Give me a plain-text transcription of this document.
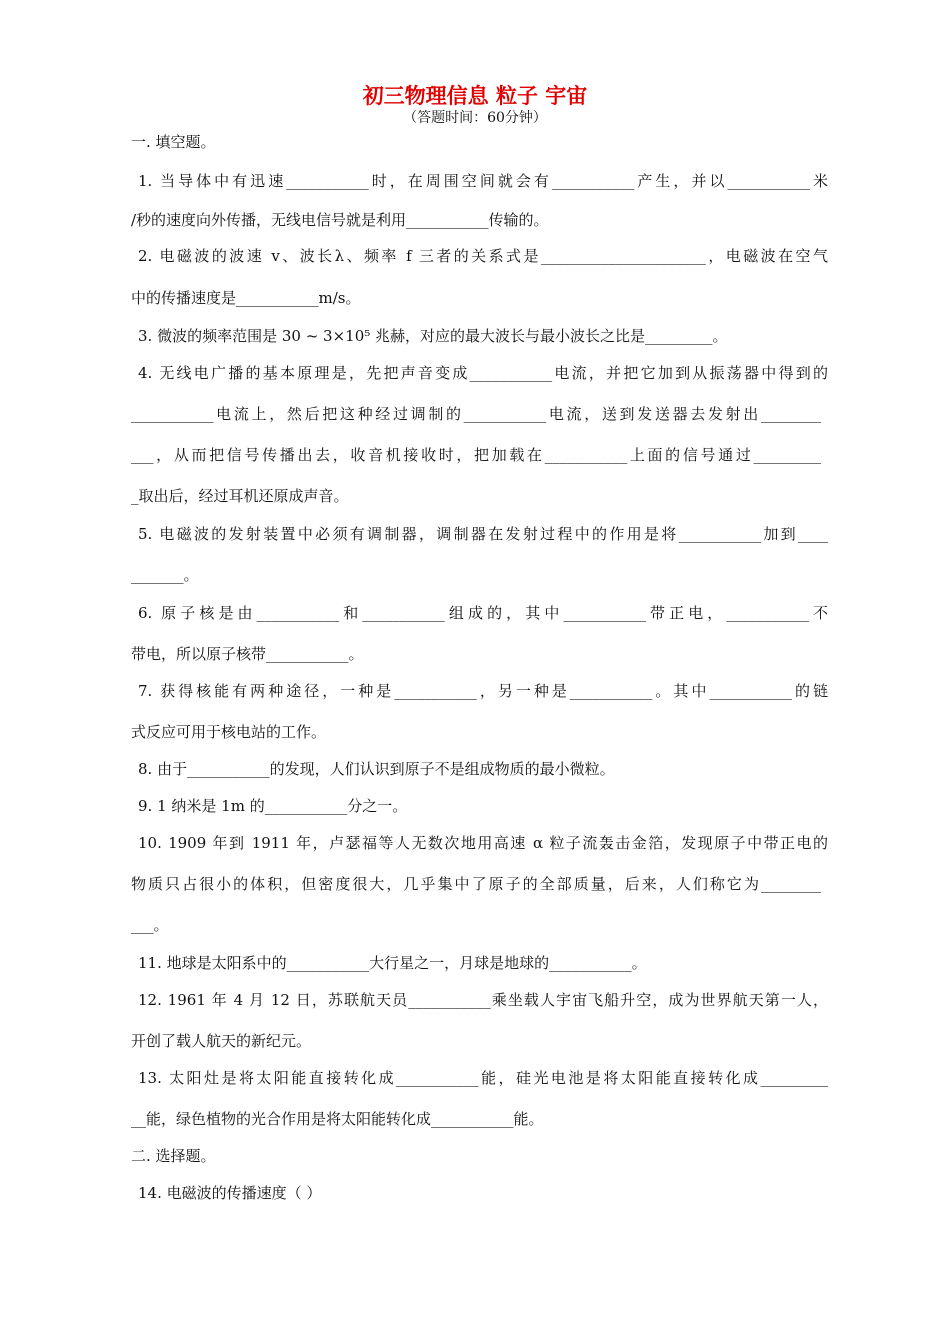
初三物理信息 粒子 宇宙
（答题时间：60分钟）
一. 填空题。
1. 当导体中有迅速___________时，在周围空间就会有___________产生，并以___________米
/秒的速度向外传播，无线电信号就是利用___________传输的。
2. 电磁波的波速 v、波长λ、频率 f 三者的关系式是______________________，电磁波在空气
中的传播速度是___________m/s。
3. 微波的频率范围是 30 ~ 3×10⁵ 兆赫，对应的最大波长与最小波长之比是_________。
4. 无线电广播的基本原理是，先把声音变成___________电流，并把它加到从振荡器中得到的
___________电流上，然后把这种经过调制的___________电流，送到发送器去发射出________
___，从而把信号传播出去，收音机接收时，把加载在___________上面的信号通过_________
_取出后，经过耳机还原成声音。
5. 电磁波的发射装置中必须有调制器，调制器在发射过程中的作用是将___________加到____
_______。
6. 原子核是由___________和___________组成的，其中___________带正电，___________不
带电，所以原子核带___________。
7. 获得核能有两种途径，一种是___________，另一种是___________。其中___________的链
式反应可用于核电站的工作。
8. 由于___________的发现，人们认识到原子不是组成物质的最小微粒。
9. 1 纳米是 1m 的___________分之一。
10. 1909 年到 1911 年，卢瑟福等人无数次地用高速 α 粒子流轰击金箔，发现原子中带正电的
物质只占很小的体积，但密度很大，几乎集中了原子的全部质量，后来，人们称它为________
___。
11. 地球是太阳系中的___________大行星之一，月球是地球的___________。
12. 1961 年 4 月 12 日，苏联航天员___________乘坐载人宇宙飞船升空，成为世界航天第一人，
开创了载人航天的新纪元。
13. 太阳灶是将太阳能直接转化成___________能，硅光电池是将太阳能直接转化成_________
__能，绿色植物的光合作用是将太阳能转化成___________能。
二. 选择题。
14. 电磁波的传播速度（ ）
